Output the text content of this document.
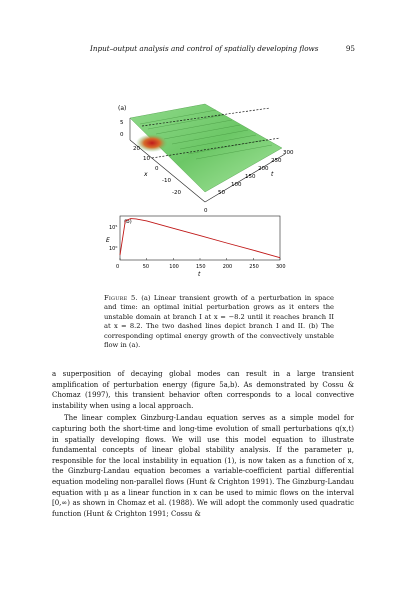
Input–output analysis and control of spatially developing flows	95
(a)
5
0
20
10
0
-10
-20
x
300
250
200
150
100
50
0
t
(b)
E
10⁵
10⁰
0	50	100	150	200	250	300
t
Figure 5. (a) Linear transient growth of a perturbation in space and time: an optimal initial perturbation grows as it enters the unstable domain at branch I at x = −8.2 until it reaches branch II at x = 8.2. The two dashed lines depict branch I and II. (b) The corresponding optimal energy growth of the convectively unstable flow in (a).

a superposition of decaying global modes can result in a large transient amplification of perturbation energy (figure 5a,b). As demonstrated by Cossu & Chomaz (1997), this transient behavior often corresponds to a local convective instability when using a local approach.

The linear complex Ginzburg-Landau equation serves as a simple model for capturing both the short-time and long-time evolution of small perturbations q(x,t) in spatially developing flows. We will use this model equation to illustrate fundamental concepts of linear global stability analysis. If the parameter μ, responsible for the local instability in equation (1), is now taken as a function of x, the Ginzburg-Landau equation becomes a variable-coefficient partial differential equation modeling non-parallel flows (Hunt & Crighton 1991). The Ginzburg-Landau equation with μ as a linear function in x can be used to mimic flows on the interval [0,∞) as shown in Chomaz et al. (1988). We will adopt the commonly used quadratic function (Hunt & Crighton 1991; Cossu &
